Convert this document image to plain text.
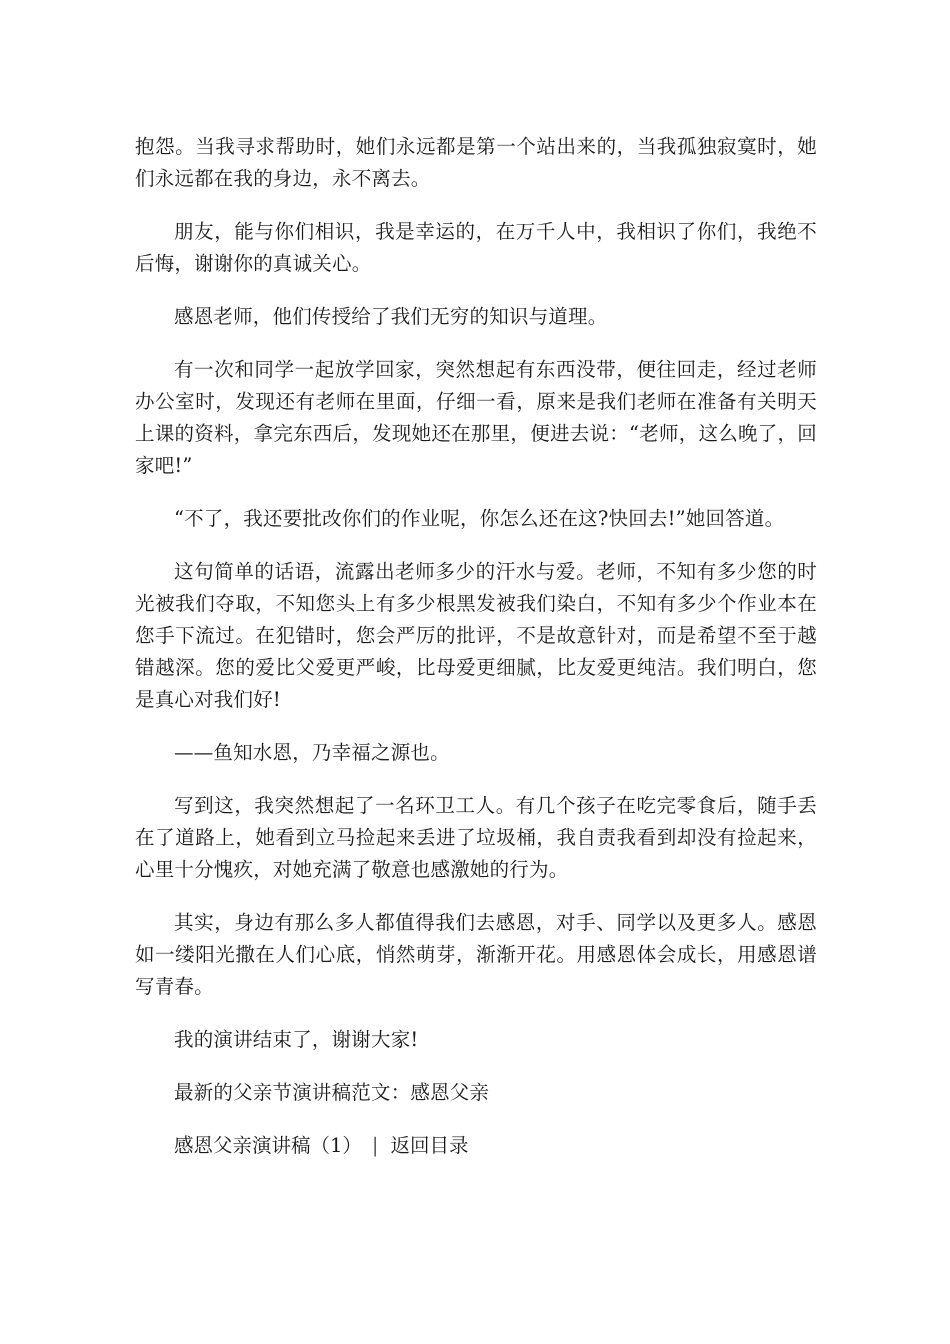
抱怨。当我寻求帮助时，她们永远都是第一个站出来的，当我孤独寂寞时，她们永远都在我的身边，永不离去。

朋友，能与你们相识，我是幸运的，在万千人中，我相识了你们，我绝不后悔，谢谢你的真诚关心。

感恩老师，他们传授给了我们无穷的知识与道理。

有一次和同学一起放学回家，突然想起有东西没带，便往回走，经过老师办公室时，发现还有老师在里面，仔细一看，原来是我们老师在准备有关明天上课的资料，拿完东西后，发现她还在那里，便进去说：“老师，这么晚了，回家吧!”

“不了，我还要批改你们的作业呢，你怎么还在这?快回去!”她回答道。

这句简单的话语，流露出老师多少的汗水与爱。老师，不知有多少您的时光被我们夺取，不知您头上有多少根黑发被我们染白，不知有多少个作业本在您手下流过。在犯错时，您会严厉的批评，不是故意针对，而是希望不至于越错越深。您的爱比父爱更严峻，比母爱更细腻，比友爱更纯洁。我们明白，您是真心对我们好!

——鱼知水恩，乃幸福之源也。

写到这，我突然想起了一名环卫工人。有几个孩子在吃完零食后，随手丢在了道路上，她看到立马捡起来丢进了垃圾桶，我自责我看到却没有捡起来，心里十分愧疚，对她充满了敬意也感激她的行为。

其实，身边有那么多人都值得我们去感恩，对手、同学以及更多人。感恩如一缕阳光撒在人们心底，悄然萌芽，渐渐开花。用感恩体会成长，用感恩谱写青春。

我的演讲结束了，谢谢大家!

最新的父亲节演讲稿范文：感恩父亲

感恩父亲演讲稿（1） | 返回目录
